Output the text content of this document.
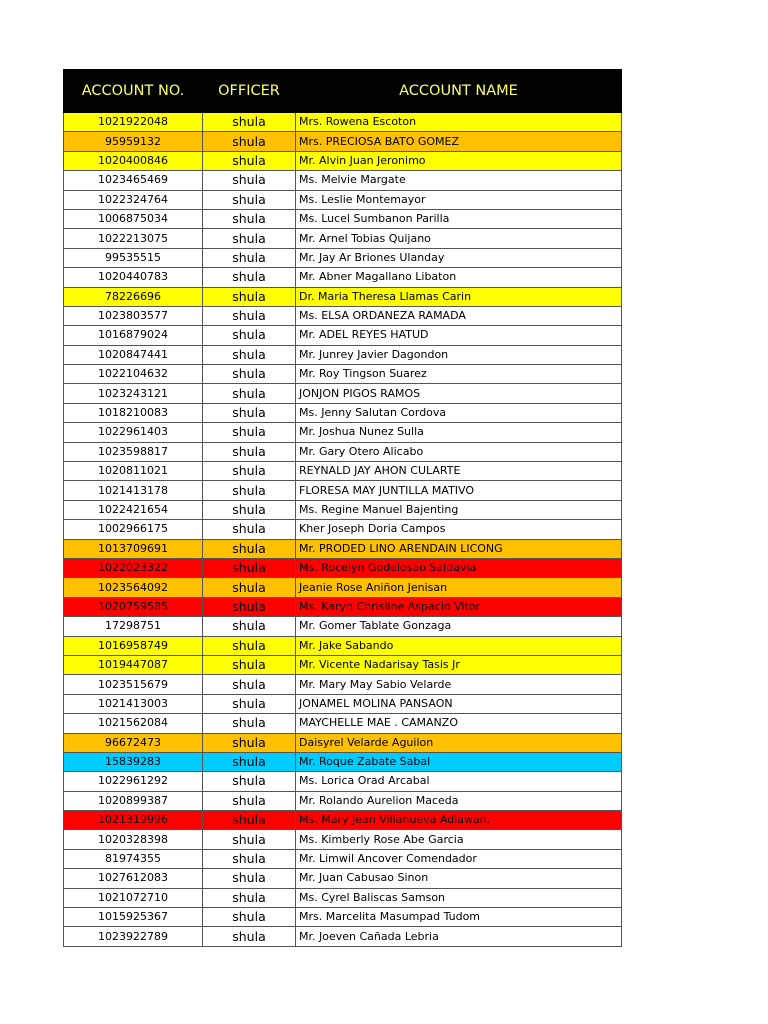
ACCOUNT NO.	OFFICER	ACCOUNT NAME
1021922048	shula	Mrs. Rowena Escoton
95959132	shula	Mrs. PRECIOSA BATO GOMEZ
1020400846	shula	Mr. Alvin Juan Jeronimo
1023465469	shula	Ms. Melvie Margate
1022324764	shula	Ms. Leslie Montemayor
1006875034	shula	Ms. Lucel Sumbanon Parilla
1022213075	shula	Mr. Arnel Tobias Quijano
99535515	shula	Mr. Jay Ar Briones Ulanday
1020440783	shula	Mr. Abner Magallano Libaton
78226696	shula	Dr. Maria Theresa Llamas Carin
1023803577	shula	Ms. ELSA ORDANEZA RAMADA
1016879024	shula	Mr. ADEL REYES HATUD
1020847441	shula	Mr. Junrey Javier Dagondon
1022104632	shula	Mr. Roy Tingson Suarez
1023243121	shula	JONJON PIGOS RAMOS
1018210083	shula	Ms. Jenny Salutan Cordova
1022961403	shula	Mr. Joshua Nunez Sulla
1023598817	shula	Mr. Gary Otero Alicabo
1020811021	shula	REYNALD JAY AHON CULARTE
1021413178	shula	FLORESA MAY JUNTILLA MATIVO
1022421654	shula	Ms. Regine Manuel Bajenting
1002966175	shula	Kher Joseph Doria Campos
1013709691	shula	Mr. PRODED LINO ARENDAIN LICONG
1022023322	shula	Ms. Rocelyn Godelosao Saldavia
1023564092	shula	Jeanie Rose Aniñon Jenisan
1020759585	shula	Ms. Karyn Chrisline Aspacio Vitor
17298751	shula	Mr. Gomer Tablate Gonzaga
1016958749	shula	Mr. Jake Sabando
1019447087	shula	Mr. Vicente Nadarisay Tasis Jr
1023515679	shula	Mr. Mary May Sabio Velarde
1021413003	shula	JONAMEL MOLINA PANSAON
1021562084	shula	MAYCHELLE MAE . CAMANZO
96672473	shula	Daisyrel Velarde Aguilon
15839283	shula	Mr. Roque Zabate Sabal
1022961292	shula	Ms. Lorica Orad Arcabal
1020899387	shula	Mr. Rolando Aurelion Maceda
1021319996	shula	Ms. Mary Jean Villanueva Adlawan.
1020328398	shula	Ms. Kimberly Rose Abe Garcia
81974355	shula	Mr. Limwil Ancover Comendador
1027612083	shula	Mr. Juan Cabusao Sinon
1021072710	shula	Ms. Cyrel Baliscas Samson
1015925367	shula	Mrs. Marcelita Masumpad Tudom
1023922789	shula	Mr. Joeven Cañada Lebria
